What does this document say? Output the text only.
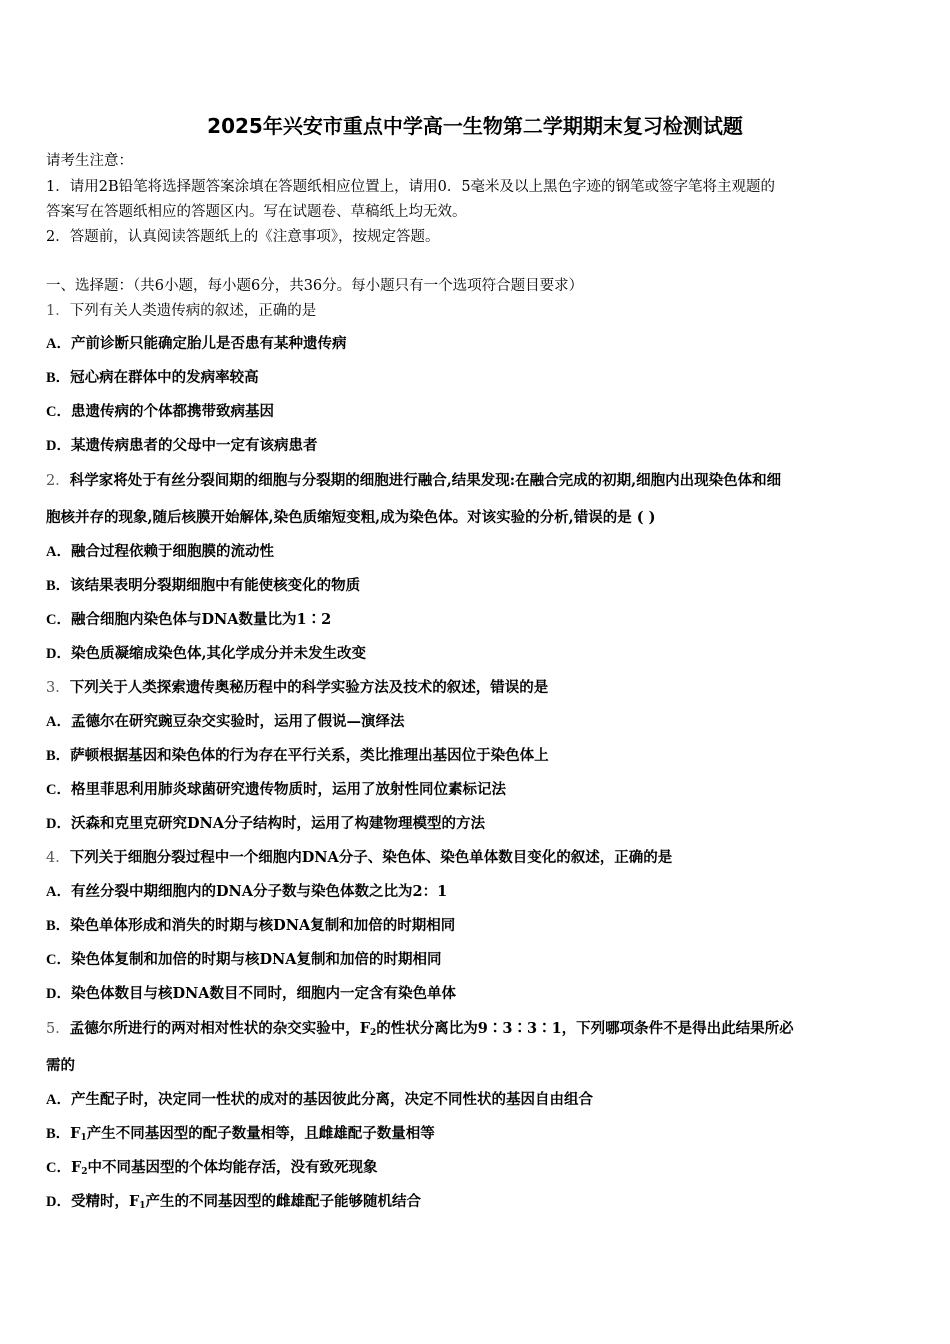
2025年兴安市重点中学高一生物第二学期期末复习检测试题
请考生注意：
1．请用2B铅笔将选择题答案涂填在答题纸相应位置上，请用0．5毫米及以上黑色字迹的钢笔或签字笔将主观题的
答案写在答题纸相应的答题区内。写在试题卷、草稿纸上均无效。
2．答题前，认真阅读答题纸上的《注意事项》，按规定答题。
一、选择题：（共6小题，每小题6分，共36分。每小题只有一个选项符合题目要求）
1．下列有关人类遗传病的叙述，正确的是
A．产前诊断只能确定胎儿是否患有某种遗传病
B．冠心病在群体中的发病率较高
C．患遗传病的个体都携带致病基因
D．某遗传病患者的父母中一定有该病患者
2．科学家将处于有丝分裂间期的细胞与分裂期的细胞进行融合,结果发现:在融合完成的初期,细胞内出现染色体和细
胞核并存的现象,随后核膜开始解体,染色质缩短变粗,成为染色体。对该实验的分析,错误的是 ( )
A．融合过程依赖于细胞膜的流动性
B．该结果表明分裂期细胞中有能使核变化的物质
C．融合细胞内染色体与DNA数量比为1∶2
D．染色质凝缩成染色体,其化学成分并未发生改变
3．下列关于人类探索遗传奥秘历程中的科学实验方法及技术的叙述，错误的是
A．孟德尔在研究豌豆杂交实验时，运用了假说—演绎法
B．萨顿根据基因和染色体的行为存在平行关系，类比推理出基因位于染色体上
C．格里菲思利用肺炎球菌研究遗传物质时，运用了放射性同位素标记法
D．沃森和克里克研究DNA分子结构时，运用了构建物理模型的方法
4．下列关于细胞分裂过程中一个细胞内DNA分子、染色体、染色单体数目变化的叙述，正确的是
A．有丝分裂中期细胞内的DNA分子数与染色体数之比为2：1
B．染色单体形成和消失的时期与核DNA复制和加倍的时期相同
C．染色体复制和加倍的时期与核DNA复制和加倍的时期相同
D．染色体数目与核DNA数目不同时，细胞内一定含有染色单体
5．孟德尔所进行的两对相对性状的杂交实验中，$F_2$的性状分离比为9∶3∶3∶1，下列哪项条件不是得出此结果所必
需的
A．产生配子时，决定同一性状的成对的基因彼此分离，决定不同性状的基因自由组合
B．$F_1$产生不同基因型的配子数量相等，且雌雄配子数量相等
C．$F_2$中不同基因型的个体均能存活，没有致死现象
D．受精时，$F_1$产生的不同基因型的雌雄配子能够随机结合
